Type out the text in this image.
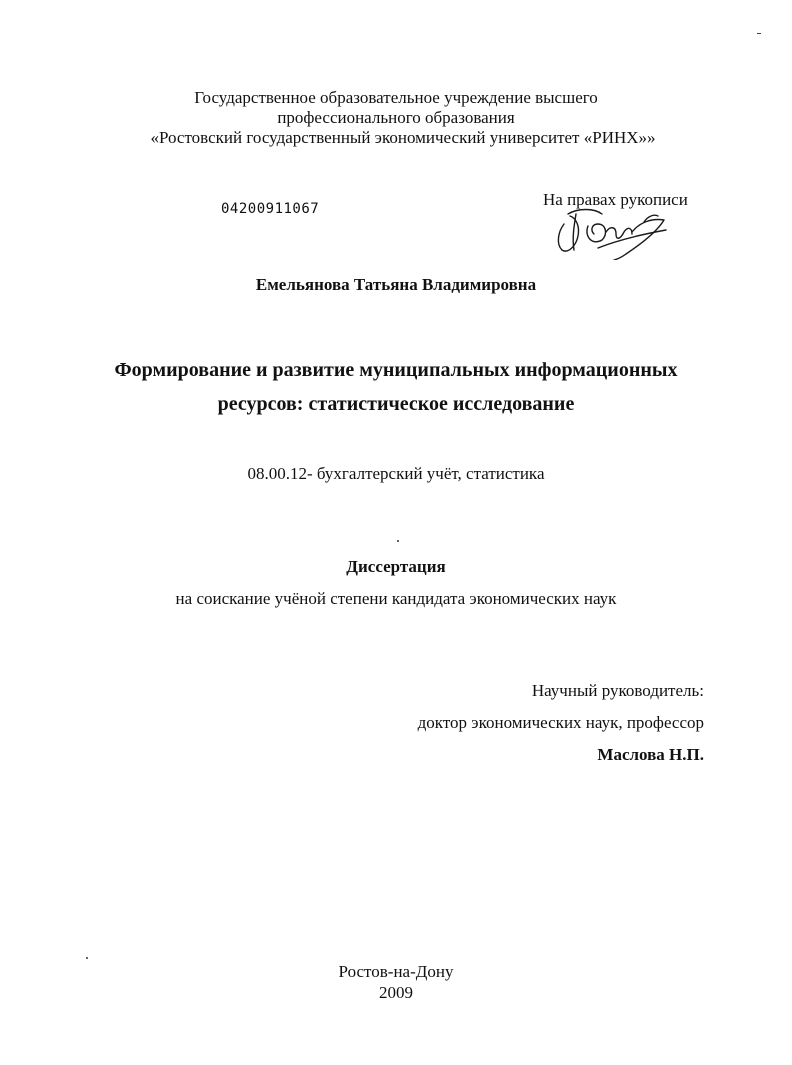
Государственное образовательное учреждение высшего
профессионального образования
«Ростовский государственный экономический университет «РИНХ»»
04200911067	На правах рукописи
Емельянова Татьяна Владимировна
Формирование и развитие муниципальных информационных
ресурсов: статистическое исследование
08.00.12- бухгалтерский учёт, статистика
Диссертация
на соискание учёной степени кандидата экономических наук
Научный руководитель:
доктор экономических наук, профессор
Маслова Н.П.
Ростов-на-Дону
2009
